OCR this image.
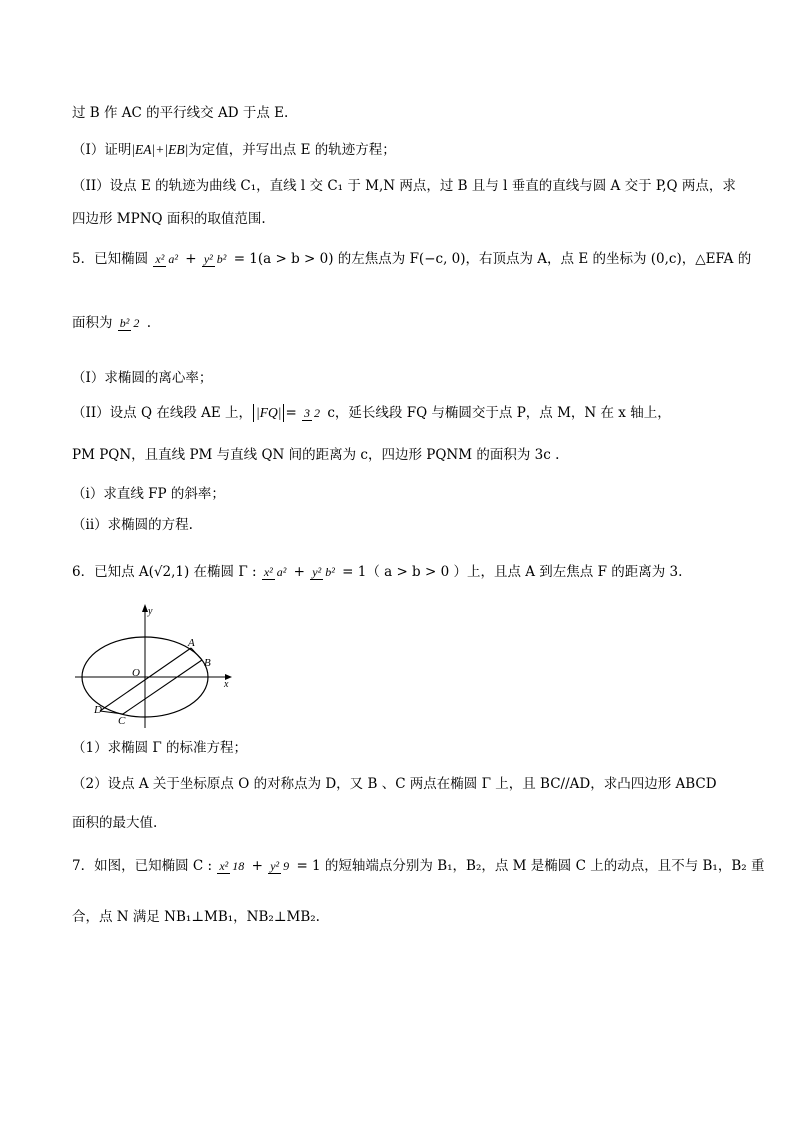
过 B 作 AC 的平行线交 AD 于点 E.
（I）证明|EA|+|EB|为定值，并写出点 E 的轨迹方程；
（II）设点 E 的轨迹为曲线 C₁，直线 l 交 C₁ 于 M,N 两点，过 B 且与 l 垂直的直线与圆 A 交于 P,Q 两点，求
四边形 MPNQ 面积的取值范围.
5．已知椭圆 x² a² + y² b² = 1(a > b > 0) 的左焦点为 F(−c, 0)，右顶点为 A，点 E 的坐标为 (0,c)，△EFA 的
面积为 b² 2 .
（I）求椭圆的离心率；
（II）设点 Q 在线段 AE 上， |FQ| = 3 2 c，延长线段 FQ 与椭圆交于点 P，点 M，N 在 x 轴上，
PM PQN，且直线 PM 与直线 QN 间的距离为 c，四边形 PQNM 的面积为 3c .
（i）求直线 FP 的斜率；
（ii）求椭圆的方程.
6．已知点 A(√2,1) 在椭圆 Γ : x² a² + y² b² = 1（ a > b > 0 ）上，且点 A 到左焦点 F 的距离为 3.
y
x
O
A
B
C
D
（1）求椭圆 Γ 的标准方程；
（2）设点 A 关于坐标原点 O 的对称点为 D，又 B 、C 两点在椭圆 Γ 上，且 BC//AD，求凸四边形 ABCD
面积的最大值.
7．如图，已知椭圆 C : x² 18 + y² 9 = 1 的短轴端点分别为 B₁，B₂，点 M 是椭圆 C 上的动点，且不与 B₁，B₂ 重
合，点 N 满足 NB₁⊥MB₁，NB₂⊥MB₂.
